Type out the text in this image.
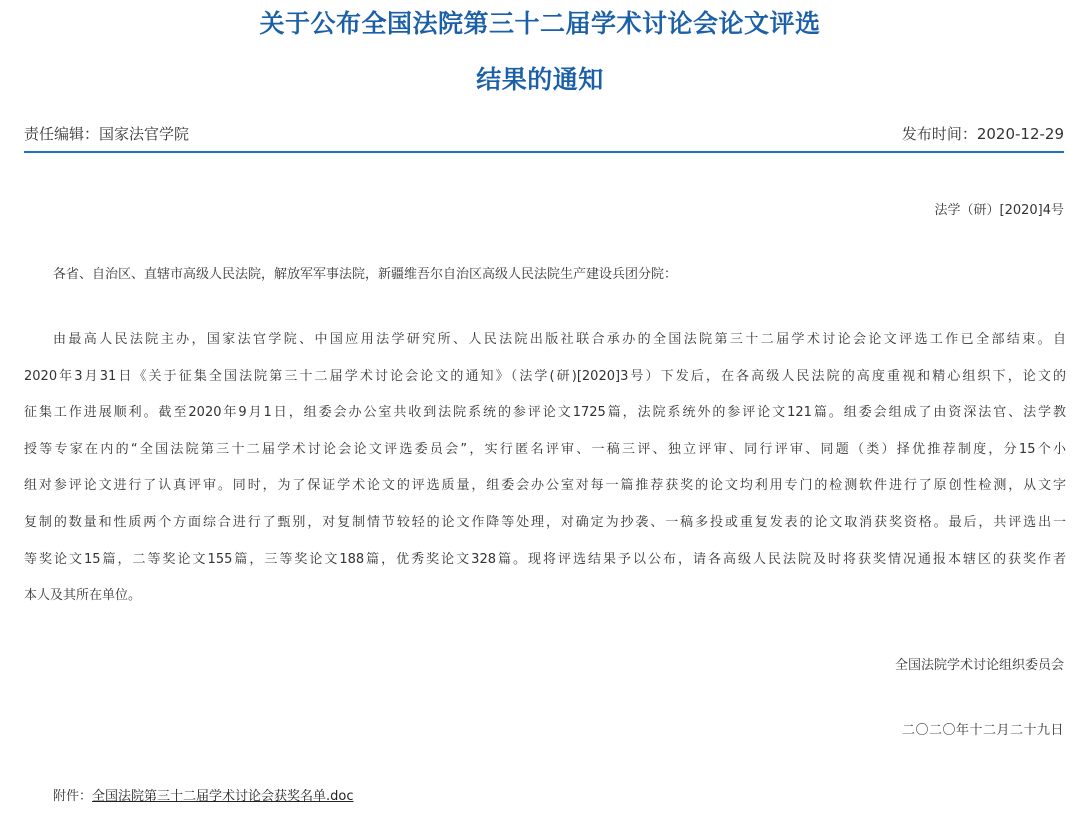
关于公布全国法院第三十二届学术讨论会论文评选
结果的通知
责任编辑：国家法官学院	发布时间：2020-12-29
法学（研）[2020]4号
各省、自治区、直辖市高级人民法院，解放军军事法院，新疆维吾尔自治区高级人民法院生产建设兵团分院：
由最高人民法院主办，国家法官学院、中国应用法学研究所、人民法院出版社联合承办的全国法院第三十二届学术讨论会论文评选工作已全部结束。自
2020年3月31日《关于征集全国法院第三十二届学术讨论会论文的通知》（法学(研)[2020]3号）下发后，在各高级人民法院的高度重视和精心组织下，论文的
征集工作进展顺利。截至2020年9月1日，组委会办公室共收到法院系统的参评论文1725篇，法院系统外的参评论文121篇。组委会组成了由资深法官、法学教
授等专家在内的“全国法院第三十二届学术讨论会论文评选委员会”，实行匿名评审、一稿三评、独立评审、同行评审、同题（类）择优推荐制度，分15个小
组对参评论文进行了认真评审。同时，为了保证学术论文的评选质量，组委会办公室对每一篇推荐获奖的论文均利用专门的检测软件进行了原创性检测，从文字
复制的数量和性质两个方面综合进行了甄别，对复制情节较轻的论文作降等处理，对确定为抄袭、一稿多投或重复发表的论文取消获奖资格。最后，共评选出一
等奖论文15篇，二等奖论文155篇，三等奖论文188篇，优秀奖论文328篇。现将评选结果予以公布，请各高级人民法院及时将获奖情况通报本辖区的获奖作者
本人及其所在单位。
全国法院学术讨论组织委员会
二〇二〇年十二月二十九日
附件：全国法院第三十二届学术讨论会获奖名单.doc
